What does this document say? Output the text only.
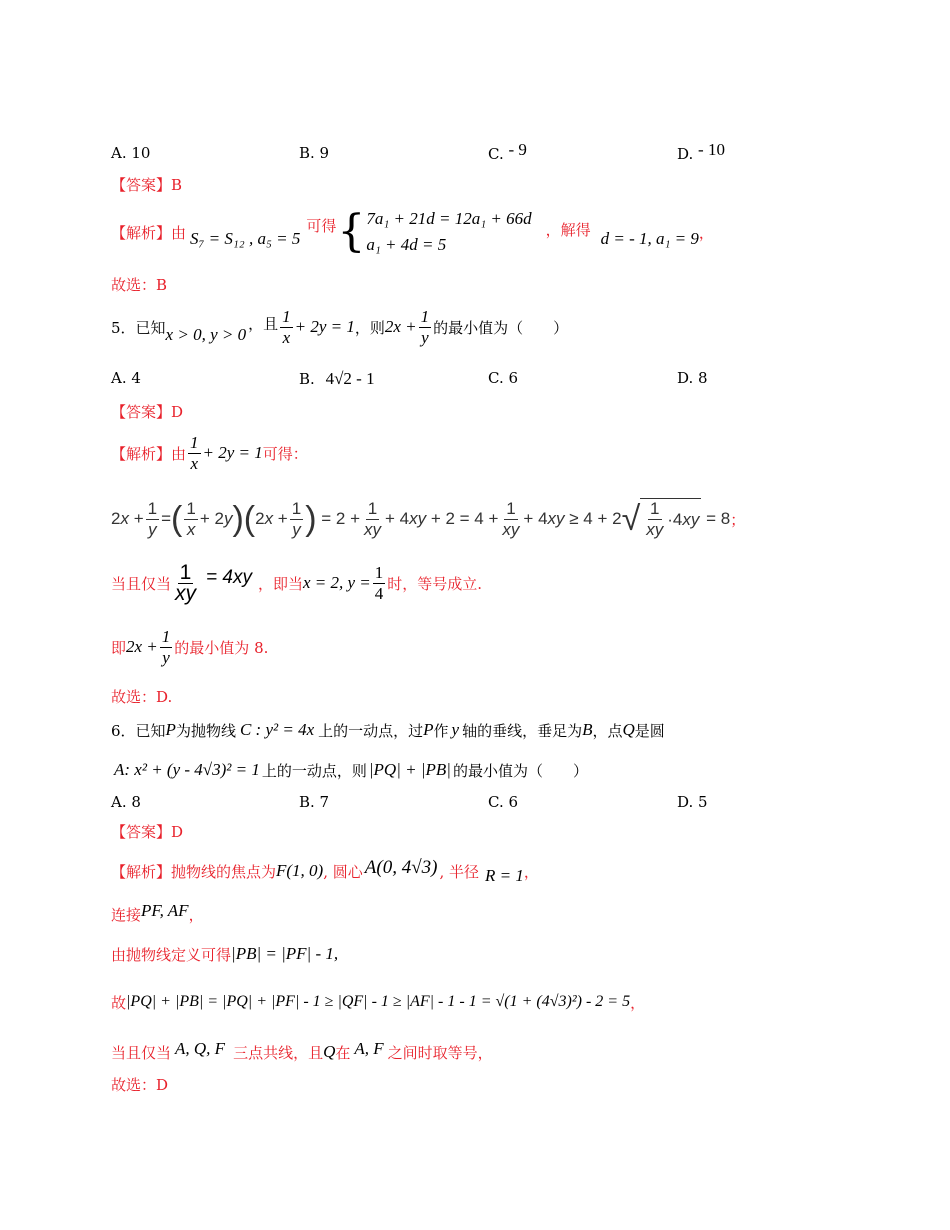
A. 10	B. 9	C. - 9	D. - 10
【答案】B
【解析】由 S₇ = S₁₂ , a₅ = 5
可得 { 7a₁ + 21d = 12a₁ + 66d
a₁ + 4d = 5
，解得 d = - 1, a₁ = 9 ，
故选：B
5．已知 x > 0, y > 0
，且 $\frac{1}{x} + 2y = 1$ ，则 $2x + \frac{1}{y}$ 的最小值为（　　）
A. 4	B. 4√2 - 1	C. 6	D. 8
【答案】D
【解析】由 $\frac{1}{x} + 2y = 1$ 可得：
$2x + \frac{1}{y}$ = ( $\frac{1}{x} + 2y$ )( $2x + \frac{1}{y}$ ) = $2 + \frac{1}{xy} + 4xy + 2 = 4 + \frac{1}{xy} + 4xy \ge 4 + 2$ √ $\frac{1}{xy} \cdot 4xy = 8$ ；
当且仅当 $\frac{1}{xy} = 4xy$ ，即当 x = 2, $y = \frac{1}{4}$ 时，等号成立.
即 $2x + \frac{1}{y}$ 的最小值为 8.
故选：D.
6．已知 P 为抛物线 C : y² = 4x 上的一动点，过 P 作 y 轴的垂线，垂足为 B ，点 Q 是圆
A: x² + (y - 4√3)² = 1 上的一动点，则 |PQ| + |PB| 的最小值为（　　）
A. 8	B. 7	C. 6	D. 5
【答案】D
【解析】抛物线的焦点为 F(1, 0) , 圆心 A(0, 4√3) , 半径 R = 1 ，
连接 PF, AF ，
由抛物线定义可得 |PB| = |PF| - 1,
故 |PQ| + |PB| = |PQ| + |PF| - 1 ≥ |QF| - 1 ≥ |AF| - 1 - 1 = √(1 + (4√3)²) - 2 = 5 ，
当且仅当 A, Q, F 三点共线，且 Q 在 A, F 之间时取等号，
故选：D
